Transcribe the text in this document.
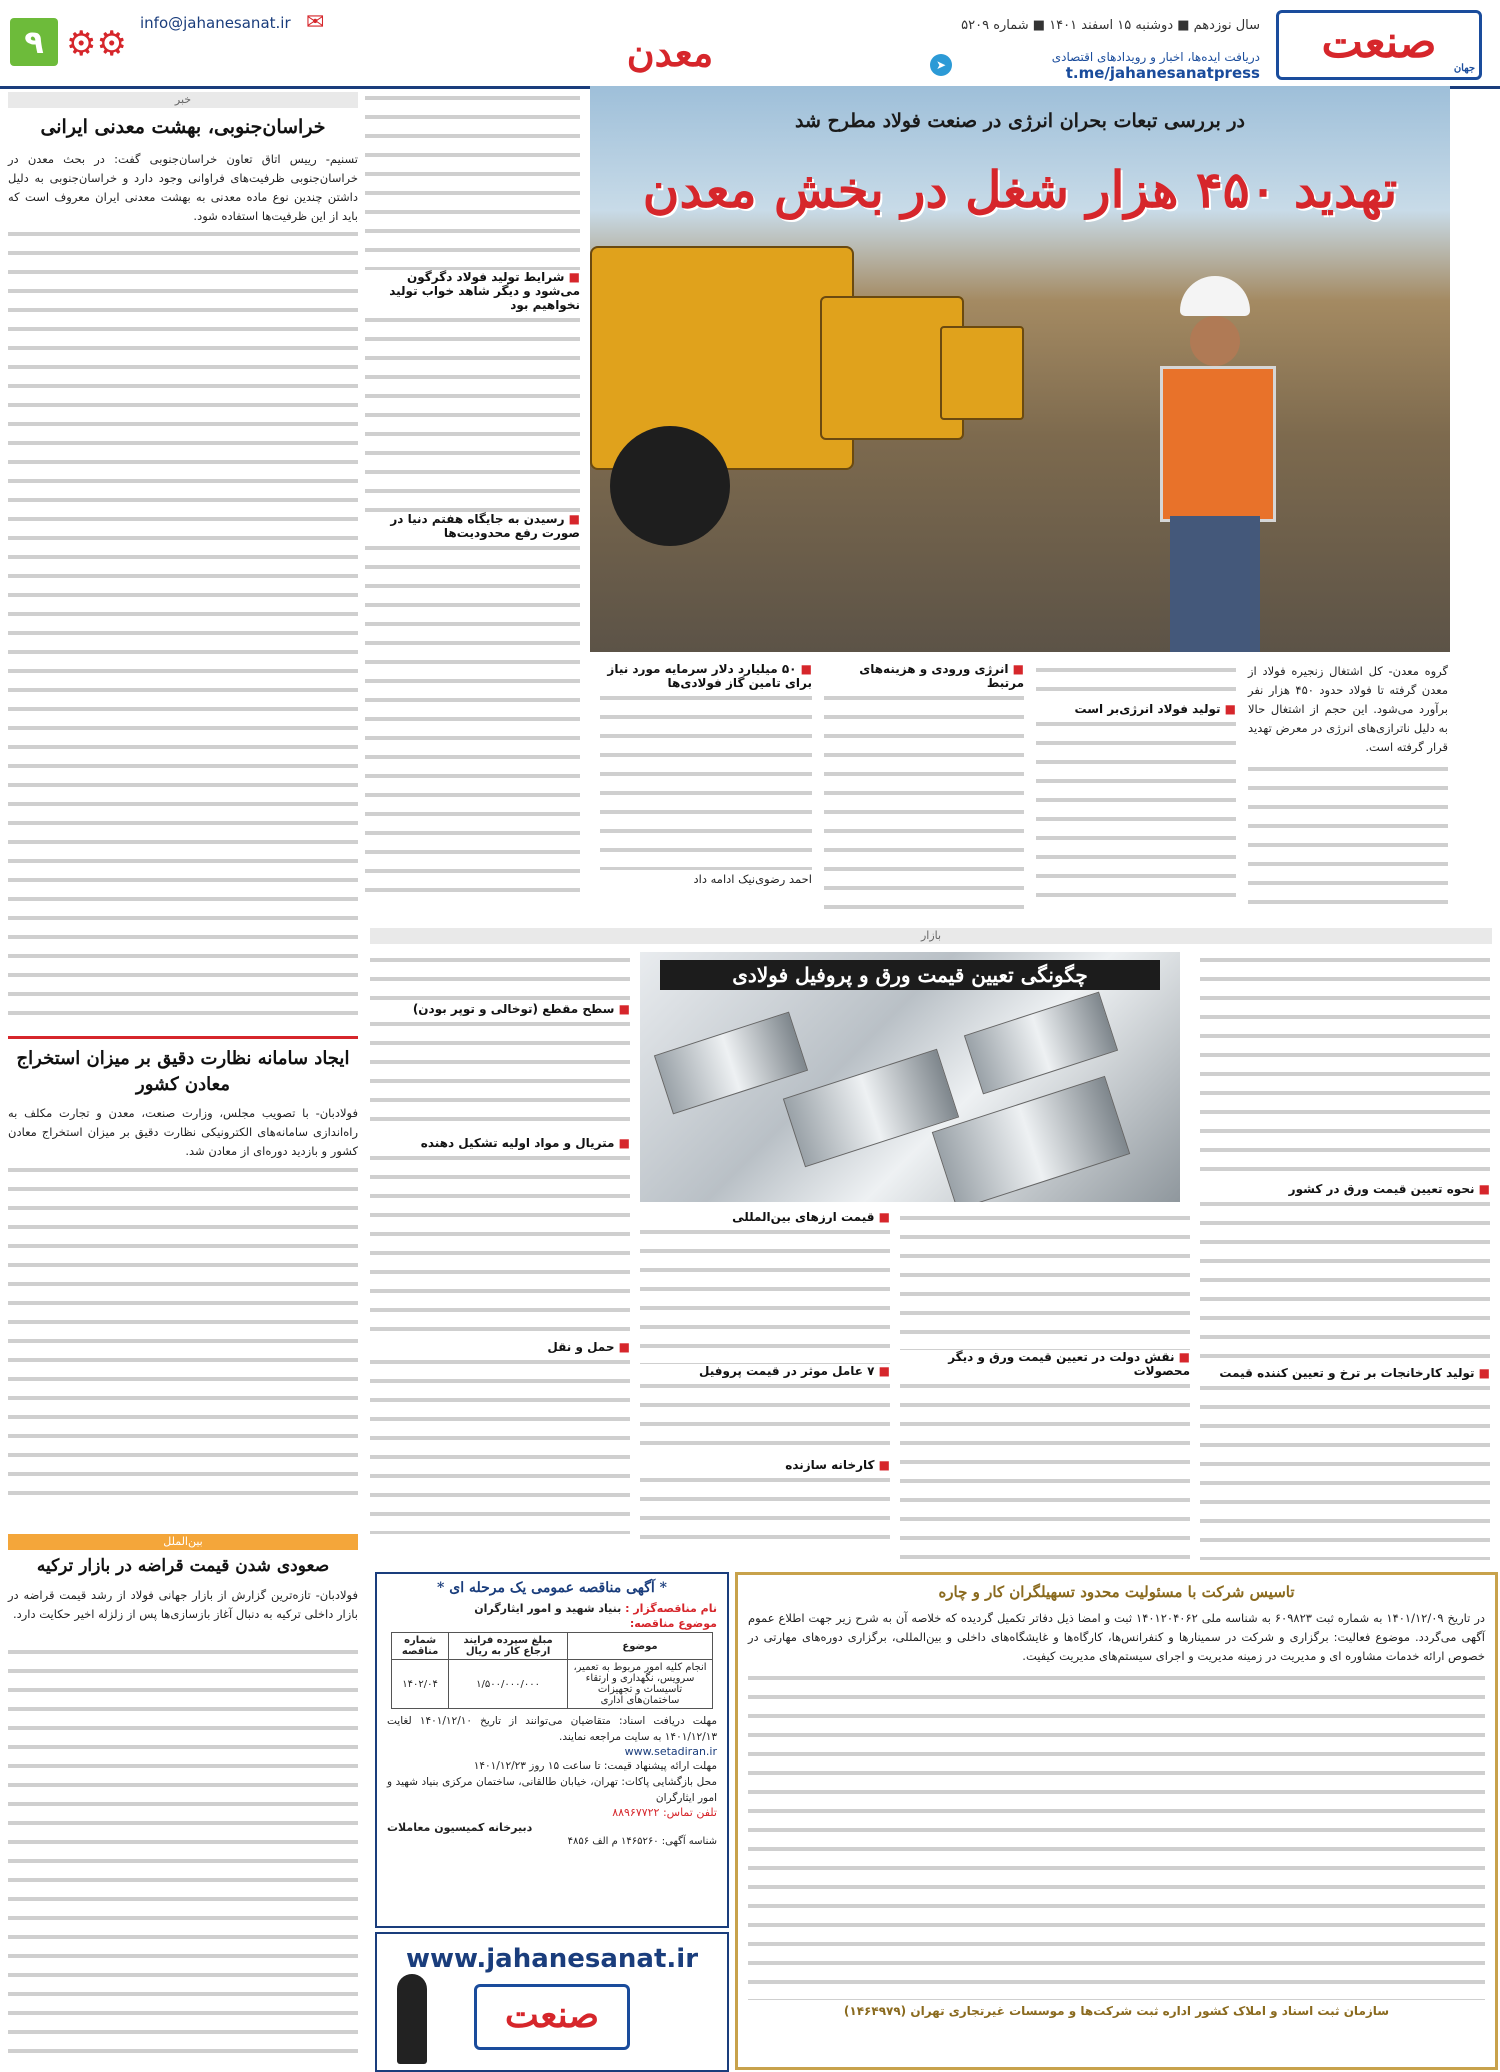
صنعت
جهان
سال نوزدهم ■ دوشنبه ۱۵ اسفند ۱۴۰۱ ■ شماره ۵۲۰۹
دریافت ایده‌ها، اخبار و رویدادهای اقتصادی
t.me/jahanesanatpress
➤
معدن
۹ ⚙⚙
info@jahanesanat.ir ✉
در بررسی تبعات بحران انرژی در صنعت فولاد مطرح شد
تهدید ۴۵۰ هزار شغل در بخش معدن
گروه معدن- کل اشتغال زنجیره فولاد از معدن گرفته تا فولاد حدود ۴۵۰ هزار نفر برآورد می‌شود. این حجم از اشتغال حالا به دلیل ناترازی‌های انرژی در معرض تهدید قرار گرفته است.
■ تولید فولاد انرژی‌بر است
■ انرژی ورودی و هزینه‌های مرتبط
■ ۵۰ میلیارد دلار سرمایه مورد نیاز برای تامین گاز فولادی‌ها
احمد رضوی‌نیک ادامه داد
■ شرایط تولید فولاد دگرگون می‌شود و دیگر شاهد خواب تولید نخواهیم بود
■ رسیدن به جایگاه هفتم دنیا در صورت رفع محدودیت‌ها
خبر
خراسان‌جنوبی، بهشت معدنی ایرانی
تسنیم- رییس اتاق تعاون خراسان‌جنوبی گفت: در بحث معدن در خراسان‌جنوبی ظرفیت‌های فراوانی وجود دارد و خراسان‌جنوبی به دلیل داشتن چندین نوع ماده معدنی به بهشت معدنی ایران معروف است که باید از این ظرفیت‌ها استفاده شود.
ایجاد سامانه نظارت دقیق بر میزان استخراج معادن کشور
فولادبان- با تصویب مجلس، وزارت صنعت، معدن و تجارت مکلف به راه‌اندازی سامانه‌های الکترونیکی نظارت دقیق بر میزان استخراج معادن کشور و بازدید دوره‌ای از معادن شد.
بین‌الملل
صعودی شدن قیمت قراضه در بازار ترکیه
فولادبان- تازه‌ترین گزارش از بازار جهانی فولاد از رشد قیمت قراضه در بازار داخلی ترکیه به دنبال آغاز بازسازی‌ها پس از زلزله اخیر حکایت دارد.
بازار
چگونگی تعیین قیمت ورق و پروفیل فولادی
■ نحوه تعیین قیمت ورق در کشور
■ تولید کارخانجات بر ترخ و تعیین کننده قیمت
■ نقش دولت در تعیین قیمت ورق و دیگر محصولات
■ قیمت ارزهای بین‌المللی
■ ۷ عامل موثر در قیمت پروفیل
■ کارخانه سازنده
■ سطح مقطع (توخالی و توپر بودن)
■ متریال و مواد اولیه تشکیل دهنده
■ حمل و نقل
* آگهی مناقصه عمومی یک مرحله ای *
نام مناقصه‌گزار : بنیاد شهید و امور ایثارگران
موضوع مناقصه:
موضوع	مبلغ سپرده فرایند ارجاع کار به ریال	شماره مناقصه
انجام کلیه امور مربوط به تعمیر، سرویس، نگهداری و ارتقاء تاسیسات و تجهیزات ساختمان‌های اداری	۱/۵۰۰/۰۰۰/۰۰۰	۱۴۰۲/۰۴
مهلت دریافت اسناد: متقاضیان می‌توانند از تاریخ ۱۴۰۱/۱۲/۱۰ لغایت ۱۴۰۱/۱۲/۱۳ به سایت مراجعه نمایند.
www.setadiran.ir
مهلت ارائه پیشنهاد قیمت: تا ساعت ۱۵ روز ۱۴۰۱/۱۲/۲۳
محل بازگشایی پاکات: تهران، خیابان طالقانی، ساختمان مرکزی بنیاد شهید و امور ایثارگران
تلفن تماس: ۸۸۹۶۷۷۲۲
دبیرخانه کمیسیون معاملات
شناسه آگهی: ۱۴۶۵۲۶۰ م الف ۴۸۵۶
www.jahanesanat.ir
صنعت
تاسیس شرکت با مسئولیت محدود تسهیلگران کار و چاره
در تاریخ ۱۴۰۱/۱۲/۰۹ به شماره ثبت ۶۰۹۸۲۳ به شناسه ملی ۱۴۰۱۲۰۴۰۶۲ ثبت و امضا ذیل دفاتر تکمیل گردیده که خلاصه آن به شرح زیر جهت اطلاع عموم آگهی می‌گردد. موضوع فعالیت: برگزاری و شرکت در سمینارها و کنفرانس‌ها، کارگاه‌ها و غایشگاه‌های داخلی و بین‌المللی، برگزاری دوره‌های مهارتی در خصوص ارائه خدمات مشاوره ای و مدیریت در زمینه مدیریت و اجرای سیستم‌های مدیریت کیفیت.
سازمان ثبت اسناد و املاک کشور اداره ثبت شرکت‌ها و موسسات غیرتجاری تهران (۱۴۶۴۹۷۹)
